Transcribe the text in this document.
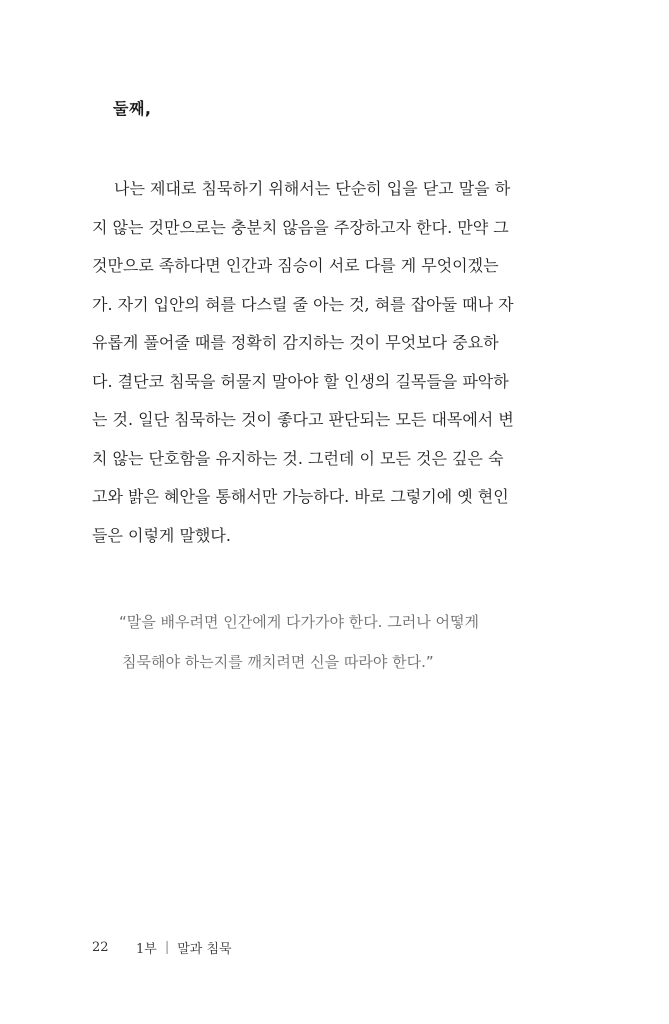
둘째,
나는 제대로 침묵하기 위해서는 단순히 입을 닫고 말을 하
지 않는 것만으로는 충분치 않음을 주장하고자 한다. 만약 그
것만으로 족하다면 인간과 짐승이 서로 다를 게 무엇이겠는
가. 자기 입안의 혀를 다스릴 줄 아는 것, 혀를 잡아둘 때나 자
유롭게 풀어줄 때를 정확히 감지하는 것이 무엇보다 중요하
다. 결단코 침묵을 허물지 말아야 할 인생의 길목들을 파악하
는 것. 일단 침묵하는 것이 좋다고 판단되는 모든 대목에서 변
치 않는 단호함을 유지하는 것. 그런데 이 모든 것은 깊은 숙
고와 밝은 혜안을 통해서만 가능하다. 바로 그렇기에 옛 현인
들은 이렇게 말했다.
“말을 배우려면 인간에게 다가가야 한다. 그러나 어떻게
침묵해야 하는지를 깨치려면 신을 따라야 한다.”
22	1부 | 말과 침묵
